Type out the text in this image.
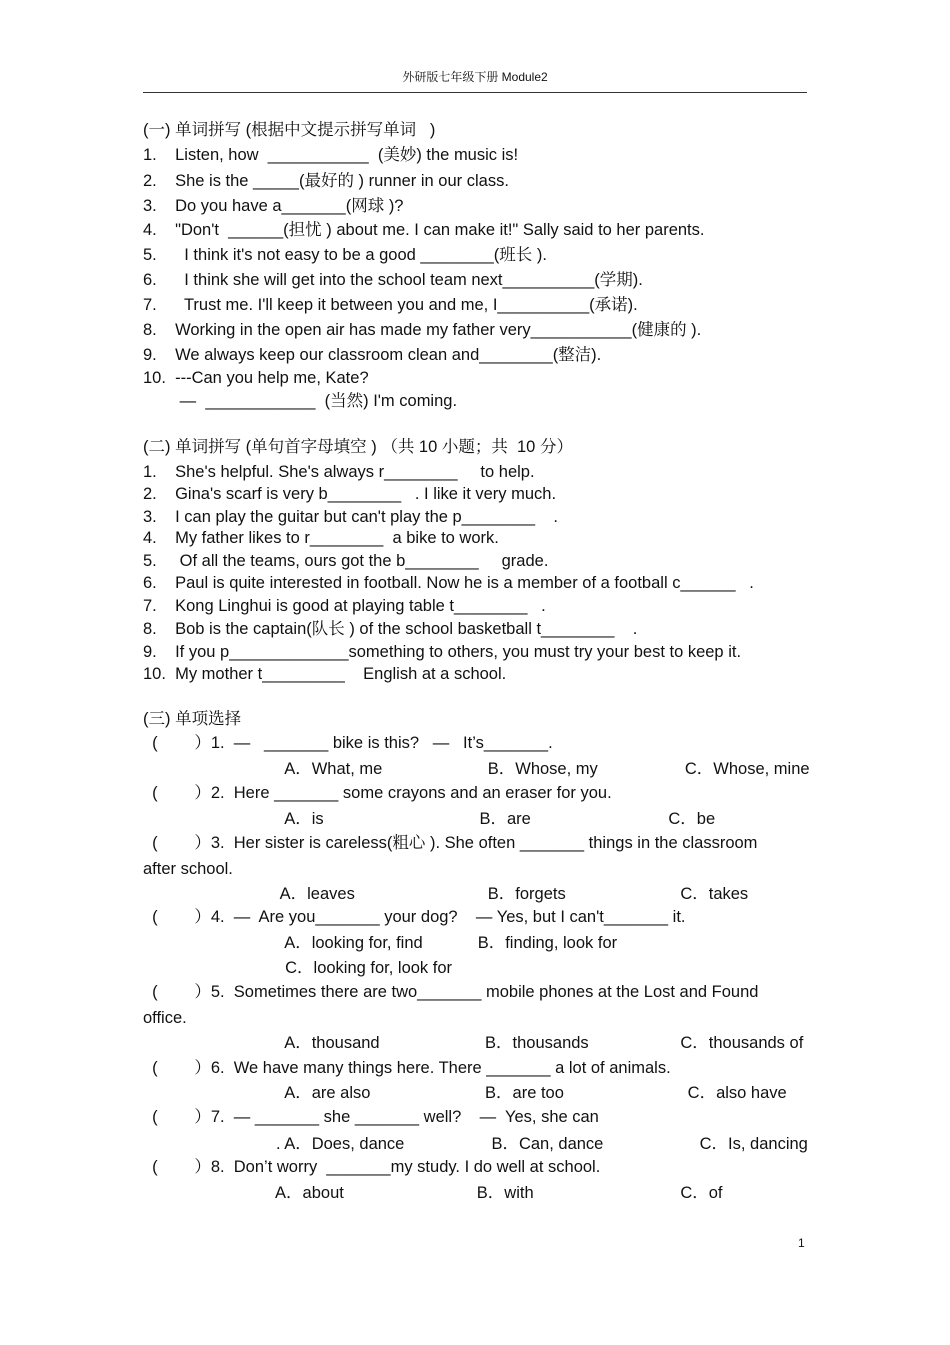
外研版七年级下册 Module2
(一) 单词拼写 (根据中文提示拼写单词   )
1.    Listen, how  ___________  (美妙) the music is!
2.    She is the _____(最好的 ) runner in our class.
3.    Do you have a_______(网球 )?
4.    "Don't  ______(担忧 ) about me. I can make it!" Sally said to her parents.
5.      I think it's not easy to be a good ________(班长 ).
6.      I think she will get into the school team next__________(学期).
7.      Trust me. I'll keep it between you and me, I__________(承诺).
8.    Working in the open air has made my father very___________(健康的 ).
9.    We always keep our classroom clean and________(整洁).
10.  ---Can you help me, Kate?
—  ____________  (当然) I'm coming.
(二) 单词拼写 (单句首字母填空 ) （共 10 小题；共  10 分）
1.    She's helpful. She's always r________     to help.
2.    Gina's scarf is very b________   . I like it very much.
3.    I can play the guitar but can't play the p________    .
4.    My father likes to r________  a bike to work.
5.     Of all the teams, ours got the b________     grade.
6.    Paul is quite interested in football. Now he is a member of a football c______   .
7.    Kong Linghui is good at playing table t________   .
8.    Bob is the captain(队长 ) of the school basketball t________    .
9.    If you p_____________something to others, you must try your best to keep it.
10.  My mother t_________    English at a school.
(三) 单项选择
(        ）1.  —   _______ bike is this?   —   It’s_______.
A．What, me                       B．Whose, my                   C．Whose, mine
(        ）2.  Here _______ some crayons and an eraser for you.
A．is                                  B．are                              C．be
(        ）3.  Her sister is careless(粗心 ). She often _______ things in the classroom
after school.
A．leaves                             B．forgets                         C．takes
(        ）4.  —  Are you_______ your dog?    — Yes, but I can't_______ it.
A．looking for, find            B．finding, look for
C．looking for, look for
(        ）5.  Sometimes there are two_______ mobile phones at the Lost and Found
office.
A．thousand                       B．thousands                    C．thousands of
(        ）6.  We have many things here. There _______ a lot of animals.
A．are also                         B．are too                           C．also have
(        ）7.  — _______ she _______ well?    —  Yes, she can
. A．Does, dance                   B．Can, dance                     C．Is, dancing
(        ）8.  Don’t worry  _______my study. I do well at school.
A．about                             B．with                                C．of
1
